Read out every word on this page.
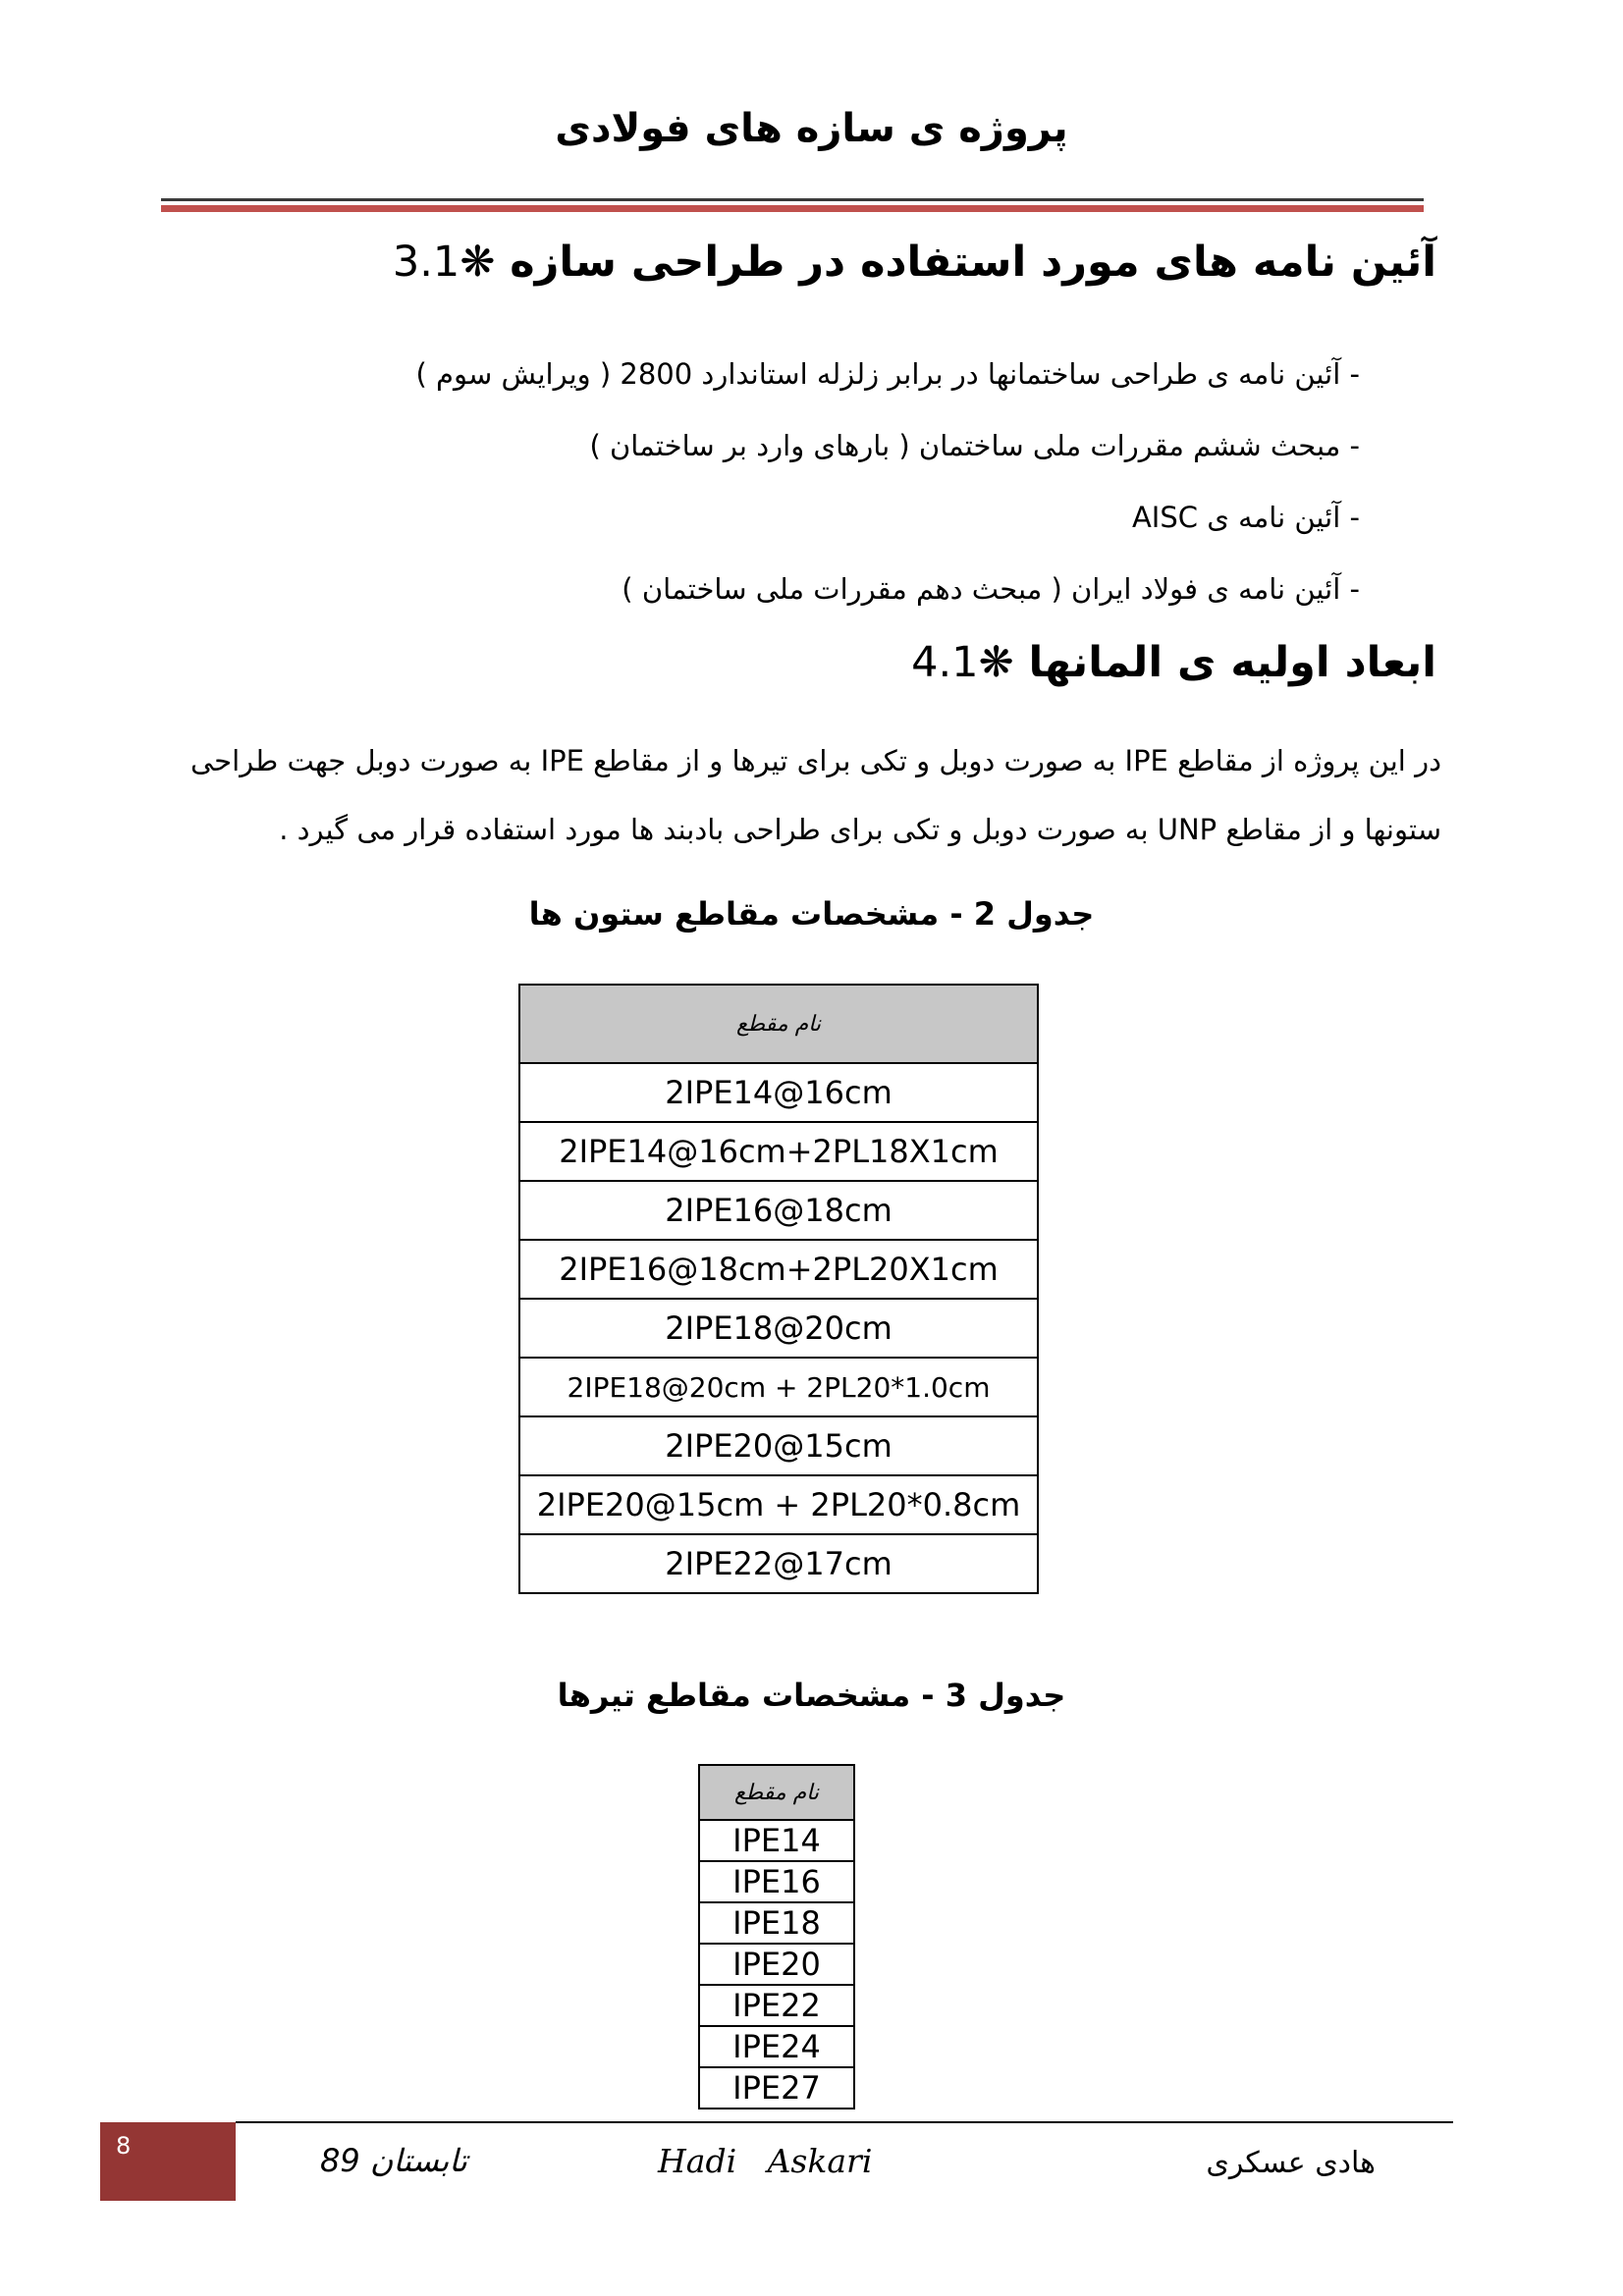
پروژه ی سازه های فولادی
آئین نامه های مورد استفاده در طراحی سازه ❋3.1
- آئین نامه ی طراحی ساختمانها در برابر زلزله استاندارد 2800 ( ویرایش سوم )
- مبحث ششم مقررات ملی ساختمان ( بارهای وارد بر ساختمان )
- آئین نامه ی AISC
- آئین نامه ی فولاد ایران ( مبحث دهم مقررات ملی ساختمان )
ابعاد اولیه ی المانها ❋4.1
در این پروژه از مقاطع IPE به صورت دوبل و تکی برای تیرها و از مقاطع IPE به صورت دوبل جهت طراحی
ستونها و از مقاطع UNP به صورت دوبل و تکی برای طراحی بادبند ها مورد استفاده قرار می گیرد .
جدول 2 - مشخصات مقاطع ستون ها
نام مقطع
2IPE14@16cm
2IPE14@16cm+2PL18X1cm
2IPE16@18cm
2IPE16@18cm+2PL20X1cm
2IPE18@20cm
2IPE18@20cm + 2PL20*1.0cm
2IPE20@15cm
2IPE20@15cm + 2PL20*0.8cm
2IPE22@17cm
جدول 3 - مشخصات مقاطع تیرها
نام مقطع
IPE14
IPE16
IPE18
IPE20
IPE22
IPE24
IPE27
8	تابستان 89	Hadi   Askari	هادی عسکری
